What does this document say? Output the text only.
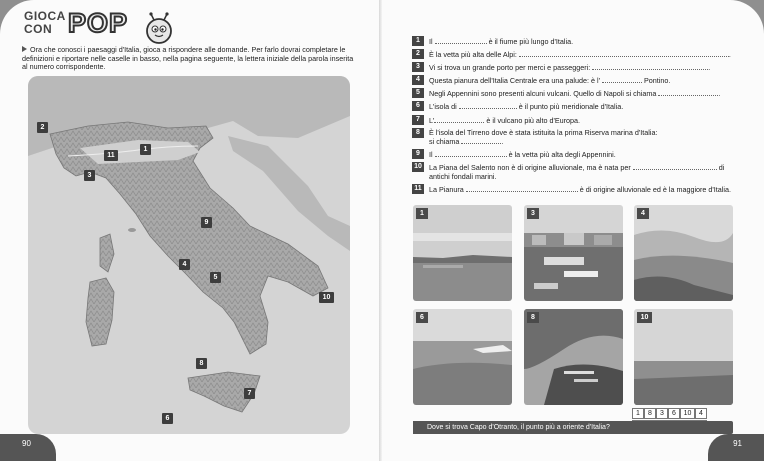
GIOCA
CON POP
Ora che conosci i paesaggi d'Italia, gioca a rispondere alle domande. Per farlo dovrai completare le definizioni e riportare nelle caselle in basso, nella pagina seguente, la lettera iniziale della parola inserita al numero corrispondente.
1
2
3
4
5
6
7
8
9
10
11
90
1	Il	è il fiume più lungo d'Italia.
2	È la vetta più alta delle Alpi:	.
3	Vi si trova un grande porto per merci e passeggeri:	.
4	Questa pianura dell'Italia Centrale era una palude: è l'	Pontino.
5	Negli Appennini sono presenti alcuni vulcani. Quello di Napoli si chiama	.
6	L'isola di	è il punto più meridionale d'Italia.
7	L'	è il vulcano più alto d'Europa.
8	È l'isola del Tirreno dove è stata istituita la prima Riserva marina d'Italia:
si chiama	.
9	Il	è la vetta più alta degli Appennini.
10 La Piana del Salento non è di origine alluvionale, ma è nata per	di
antichi fondali marini.
11	La Pianura	è di origine alluvionale ed è la maggiore d'Italia.
1	3	4
6	8	10
1	8	3	6	10	4
Dove si trova Capo d'Otranto, il punto più a oriente d'Italia?
91
